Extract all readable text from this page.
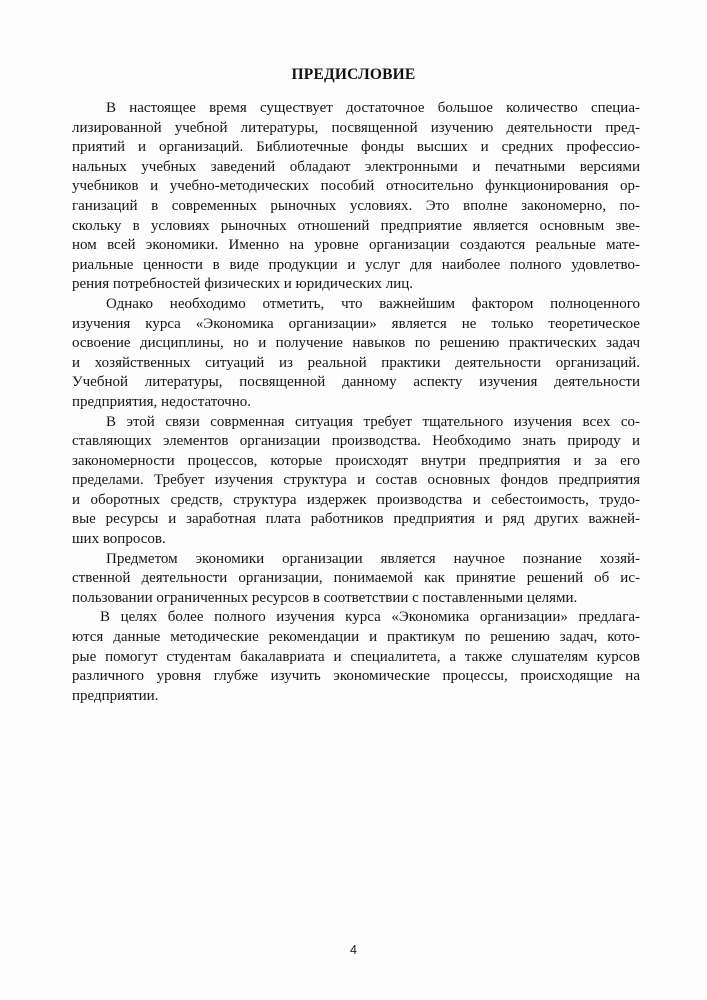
ПРЕДИСЛОВИЕ
В настоящее время существует достаточное большое количество специа-
лизированной учебной литературы, посвященной изучению деятельности пред-
приятий и организаций. Библиотечные фонды высших и средних профессио-
нальных учебных заведений обладают электронными и печатными версиями
учебников и учебно-методических пособий относительно функционирования ор-
ганизаций в современных рыночных условиях. Это вполне закономерно, по-
скольку в условиях рыночных отношений предприятие является основным зве-
ном всей экономики. Именно на уровне организации создаются реальные мате-
риальные ценности в виде продукции и услуг для наиболее полного удовлетво-
рения потребностей физических и юридических лиц.
Однако необходимо отметить, что важнейшим фактором полноценного
изучения курса «Экономика организации» является не только теоретическое
освоение дисциплины, но и получение навыков по решению практических задач
и хозяйственных ситуаций из реальной практики деятельности организаций.
Учебной литературы, посвященной данному аспекту изучения деятельности
предприятия, недостаточно.
В этой связи соврменная ситуация требует тщательного изучения всех со-
ставляющих элементов организации производства. Необходимо знать природу и
закономерности процессов, которые происходят внутри предприятия и за его
пределами. Требует изучения структура и состав основных фондов предприятия
и оборотных средств, структура издержек производства и себестоимость, трудо-
вые ресурсы и заработная плата работников предприятия и ряд других важней-
ших вопросов.
Предметом экономики организации является научное познание хозяй-
ственной деятельности организации, понимаемой как принятие решений об ис-
пользовании ограниченных ресурсов в соответствии с поставленными целями.
В целях более полного изучения курса «Экономика организации» предлага-
ются данные методические рекомендации и практикум по решению задач, кото-
рые помогут студентам бакалавриата и специалитета, а также слушателям курсов
различного уровня глубже изучить экономические процессы, происходящие на
предприятии.
4
